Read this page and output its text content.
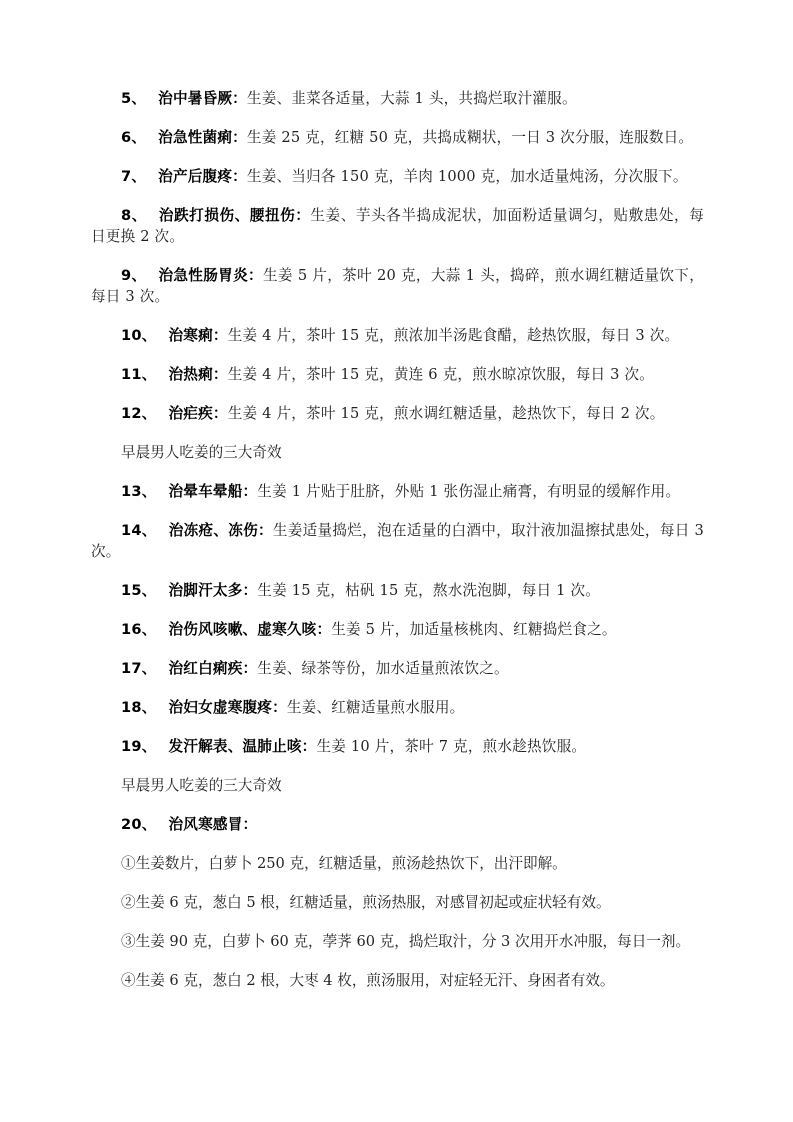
5、 治中暑昏厥：生姜、韭菜各适量，大蒜 1 头，共捣烂取汁灌服。

6、 治急性菌痢：生姜 25 克，红糖 50 克，共捣成糊状，一日 3 次分服，连服数日。

7、 治产后腹疼：生姜、当归各 150 克，羊肉 1000 克，加水适量炖汤，分次服下。

8、 治跌打损伤、腰扭伤：生姜、芋头各半捣成泥状，加面粉适量调匀，贴敷患处，每日更换 2 次。

9、 治急性肠胃炎：生姜 5 片，茶叶 20 克，大蒜 1 头，捣碎，煎水调红糖适量饮下，每日 3 次。

10、 治寒痢：生姜 4 片，茶叶 15 克，煎浓加半汤匙食醋，趁热饮服，每日 3 次。

11、 治热痢：生姜 4 片，茶叶 15 克，黄连 6 克，煎水晾凉饮服，每日 3 次。

12、 治疟疾：生姜 4 片，茶叶 15 克，煎水调红糖适量，趁热饮下，每日 2 次。

早晨男人吃姜的三大奇效

13、 治晕车晕船：生姜 1 片贴于肚脐，外贴 1 张伤湿止痛膏，有明显的缓解作用。

14、 治冻疮、冻伤：生姜适量捣烂，泡在适量的白酒中，取汁液加温擦拭患处，每日 3 次。

15、 治脚汗太多：生姜 15 克，枯矾 15 克，熬水洗泡脚，每日 1 次。

16、 治伤风咳嗽、虚寒久咳：生姜 5 片，加适量核桃肉、红糖捣烂食之。

17、 治红白痢疾：生姜、绿茶等份，加水适量煎浓饮之。

18、 治妇女虚寒腹疼：生姜、红糖适量煎水服用。

19、 发汗解表、温肺止咳：生姜 10 片，茶叶 7 克，煎水趁热饮服。

早晨男人吃姜的三大奇效

20、 治风寒感冒：

①生姜数片，白萝卜 250 克，红糖适量，煎汤趁热饮下，出汗即解。

②生姜 6 克，葱白 5 根，红糖适量，煎汤热服，对感冒初起或症状轻有效。

③生姜 90 克，白萝卜 60 克，荸荠 60 克，捣烂取汁，分 3 次用开水冲服，每日一剂。

④生姜 6 克，葱白 2 根，大枣 4 枚，煎汤服用，对症轻无汗、身困者有效。
